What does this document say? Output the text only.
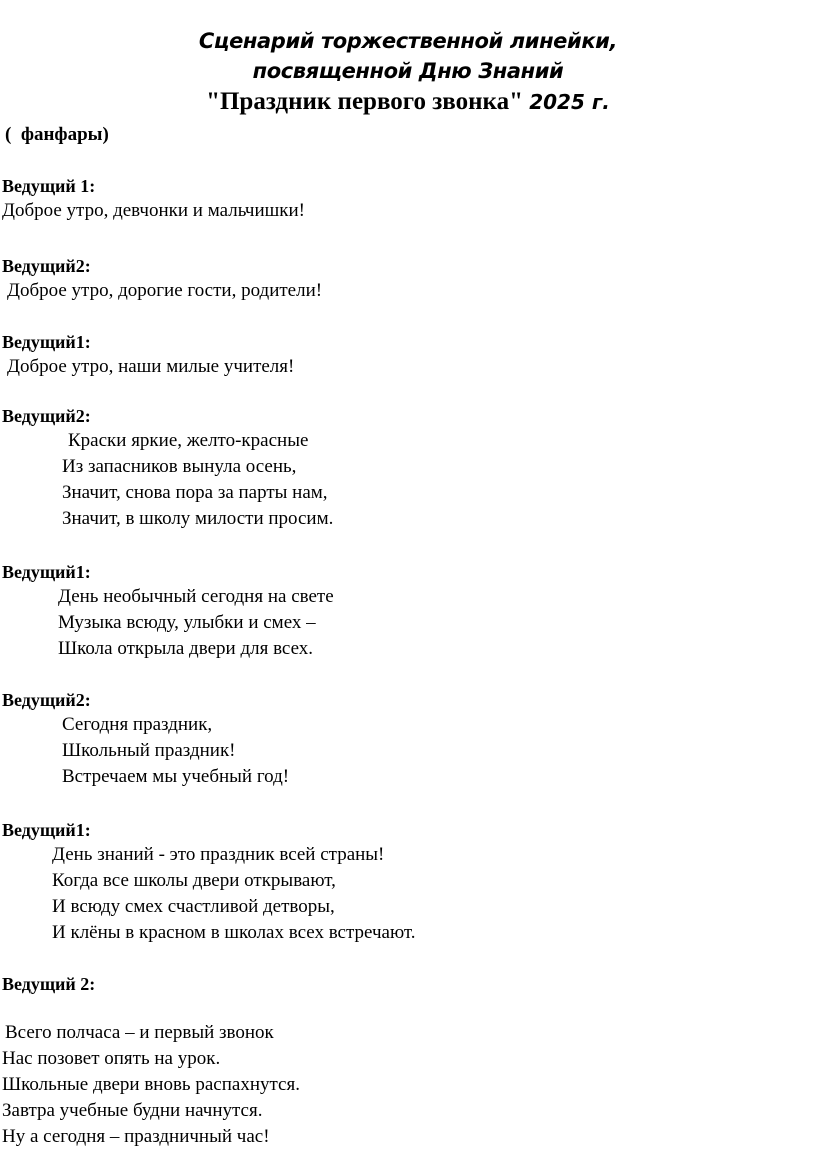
Сценарий торжественной линейки,
посвященной Дню Знаний
"Праздник первого звонка" 2025 г.
(  фанфары)
Ведущий 1:
Доброе утро, девчонки и мальчишки!
Ведущий2:
Доброе утро, дорогие гости, родители!
Ведущий1:
Доброе утро, наши милые учителя!
Ведущий2:
Краски яркие, желто-красные
Из запасников вынула осень,
Значит, снова пора за парты нам,
Значит, в школу милости просим.
Ведущий1:
День необычный сегодня на свете
Музыка всюду, улыбки и смех –
Школа открыла двери для всех.
Ведущий2:
Сегодня праздник,
Школьный праздник!
Встречаем мы учебный год!
Ведущий1:
День знаний - это праздник всей страны!
Когда все школы двери открывают,
И всюду смех счастливой детворы,
И клёны в красном в школах всех встречают.
Ведущий 2:
Всего полчаса – и первый звонок
Нас позовет опять на урок.
Школьные двери вновь распахнутся.
Завтра учебные будни начнутся.
Ну а сегодня – праздничный час!
